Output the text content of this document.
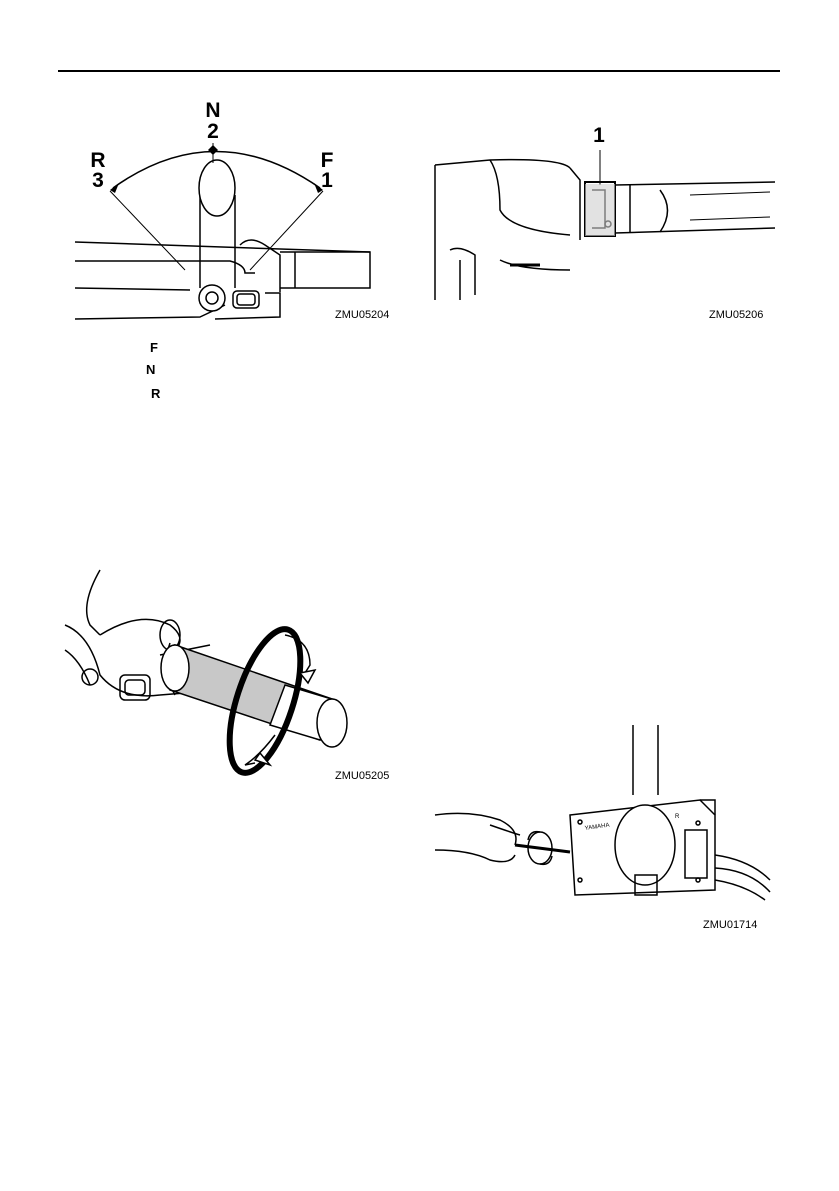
N
2
R
3
F
1
ZMU05204
F
N
R
1
ZMU05206
ZMU05205
YAMAHA
R
ZMU01714
